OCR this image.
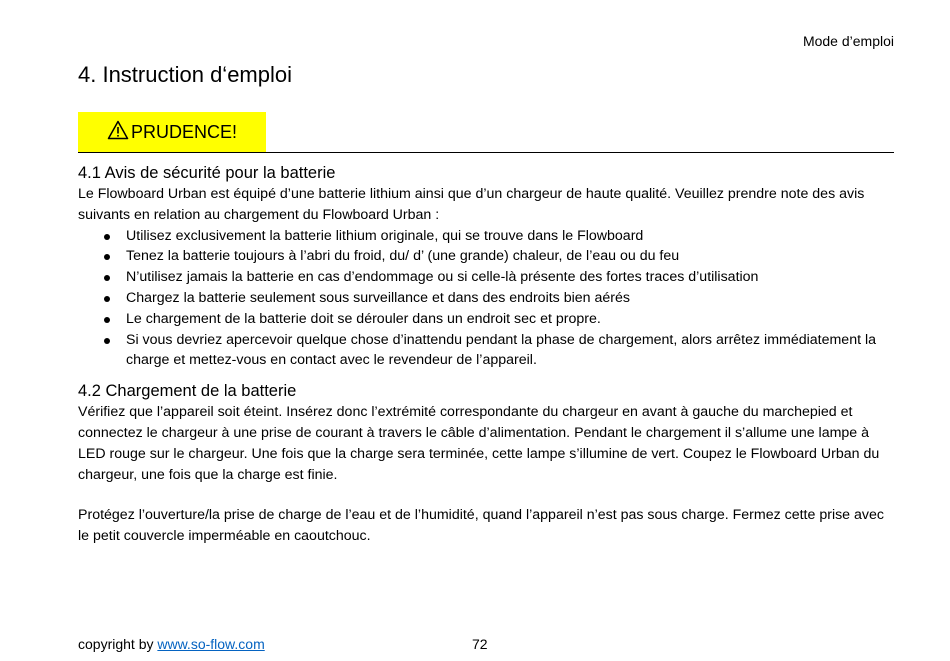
Mode d’emploi
4. Instruction d‘emploi
PRUDENCE!
4.1 Avis de sécurité pour la batterie

Le Flowboard Urban est équipé d’une batterie lithium ainsi que d’un chargeur de haute qualité. Veuillez prendre note des avis suivants en relation au chargement du Flowboard Urban :

Utilisez exclusivement la batterie lithium originale, qui se trouve dans le Flowboard
Tenez la batterie toujours à l’abri du froid, du/ d’ (une grande) chaleur, de l’eau ou du feu
N’utilisez jamais la batterie en cas d’endommage ou si celle-là présente des fortes traces d’utilisation
Chargez la batterie seulement sous surveillance et dans des endroits bien aérés
Le chargement de la batterie doit se dérouler dans un endroit sec et propre.
Si vous devriez apercevoir quelque chose d’inattendu pendant la phase de chargement, alors arrêtez immédiatement la charge et mettez-vous en contact avec le revendeur de l’appareil.
4.2 Chargement de la batterie

Vérifiez que l’appareil soit éteint. Insérez donc l’extrémité correspondante du chargeur en avant à gauche du marchepied et connectez le chargeur à une prise de courant à travers le câble d’alimentation. Pendant le chargement il s’allume une lampe à LED rouge sur le chargeur. Une fois que la charge sera terminée, cette lampe s’illumine de vert. Coupez le Flowboard Urban du chargeur, une fois que la charge est finie.

Protégez l’ouverture/la prise de charge de l’eau et de l’humidité, quand l’appareil n’est pas sous charge. Fermez cette prise avec le petit couvercle imperméable en caoutchouc.

copyright by www.so-flow.com	72
